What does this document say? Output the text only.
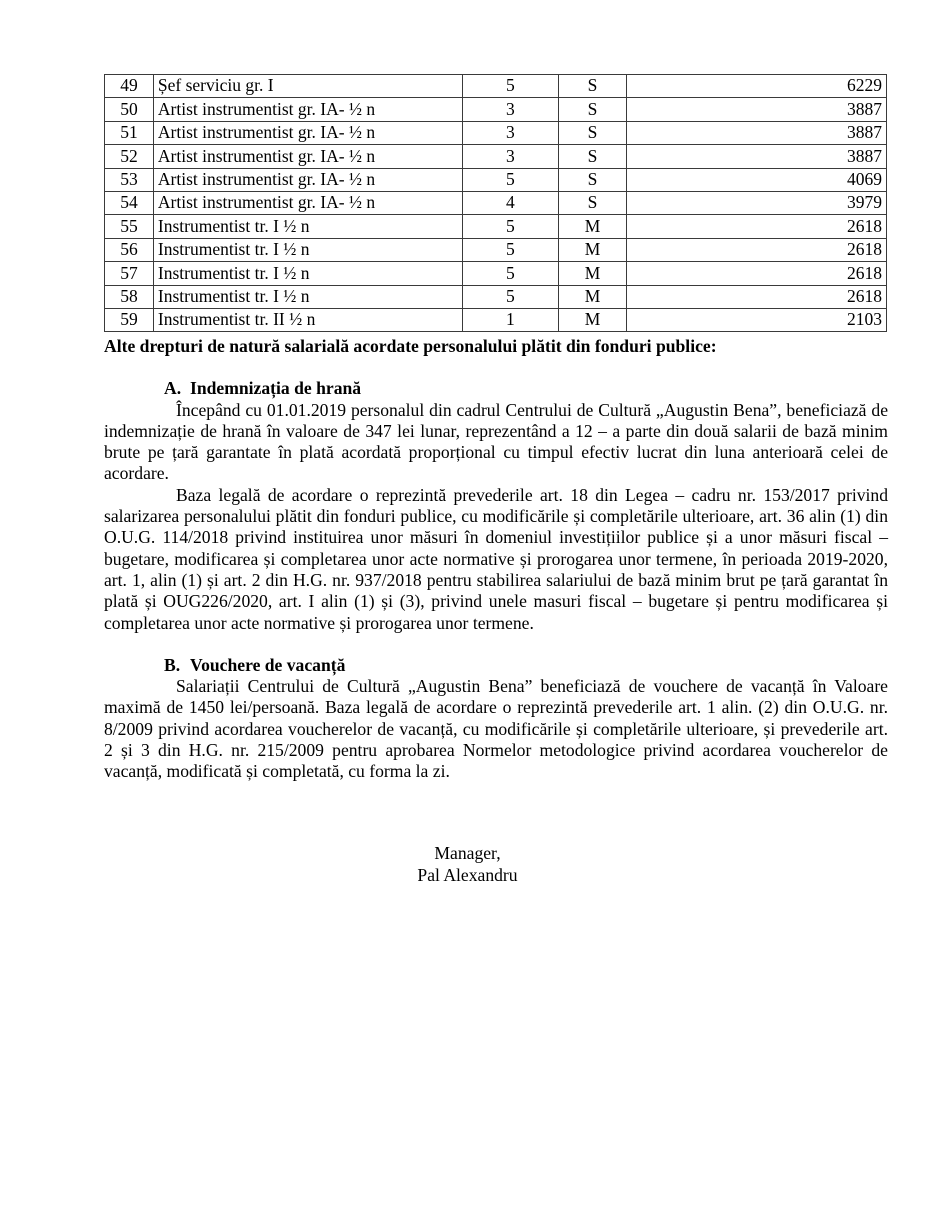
49	Șef serviciu gr. I	5	S	6229
50	Artist instrumentist gr. IA- ½ n	3	S	3887
51	Artist instrumentist gr. IA- ½ n	3	S	3887
52	Artist instrumentist gr. IA- ½ n	3	S	3887
53	Artist instrumentist gr. IA- ½ n	5	S	4069
54	Artist instrumentist gr. IA- ½ n	4	S	3979
55	Instrumentist tr. I ½ n	5	M	2618
56	Instrumentist tr. I ½ n	5	M	2618
57	Instrumentist tr. I ½ n	5	M	2618
58	Instrumentist tr. I ½ n	5	M	2618
59	Instrumentist tr. II ½ n	1	M	2103
Alte drepturi de natură salarială acordate personalului plătit din fonduri publice:
A. Indemnizația de hrană

Începând cu 01.01.2019 personalul din cadrul Centrului de Cultură „Augustin Bena”, beneficiază de indemnizație de hrană în valoare de 347 lei lunar, reprezentând a 12 – a parte din două salarii de bază minim brute pe țară garantate în plată acordată proporțional cu timpul efectiv lucrat din luna anterioară celei de acordare.

Baza legală de acordare o reprezintă prevederile art. 18 din Legea – cadru nr. 153/2017 privind salarizarea personalului plătit din fonduri publice, cu modificările și completările ulterioare, art. 36 alin (1) din O.U.G. 114/2018 privind instituirea unor măsuri în domeniul investițiilor publice și a unor măsuri fiscal – bugetare, modificarea și completarea unor acte normative și prorogarea unor termene, în perioada 2019-2020, art. 1, alin (1) și art. 2 din H.G. nr. 937/2018 pentru stabilirea salariului de bază minim brut pe țară garantat în plată și OUG226/2020, art. I alin (1) și (3), privind unele masuri fiscal – bugetare și pentru modificarea și completarea unor acte normative și prorogarea unor termene.

B. Vouchere de vacanță

Salariații Centrului de Cultură „Augustin Bena” beneficiază de vouchere de vacanță în Valoare maximă de 1450 lei/persoană. Baza legală de acordare o reprezintă prevederile art. 1 alin. (2) din O.U.G. nr. 8/2009 privind acordarea voucherelor de vacanță, cu modificările și completările ulterioare, și prevederile art. 2 și 3 din H.G. nr. 215/2009 pentru aprobarea Normelor metodologice privind acordarea voucherelor de vacanță, modificată și completată, cu forma la zi.

Manager,
Pal Alexandru
